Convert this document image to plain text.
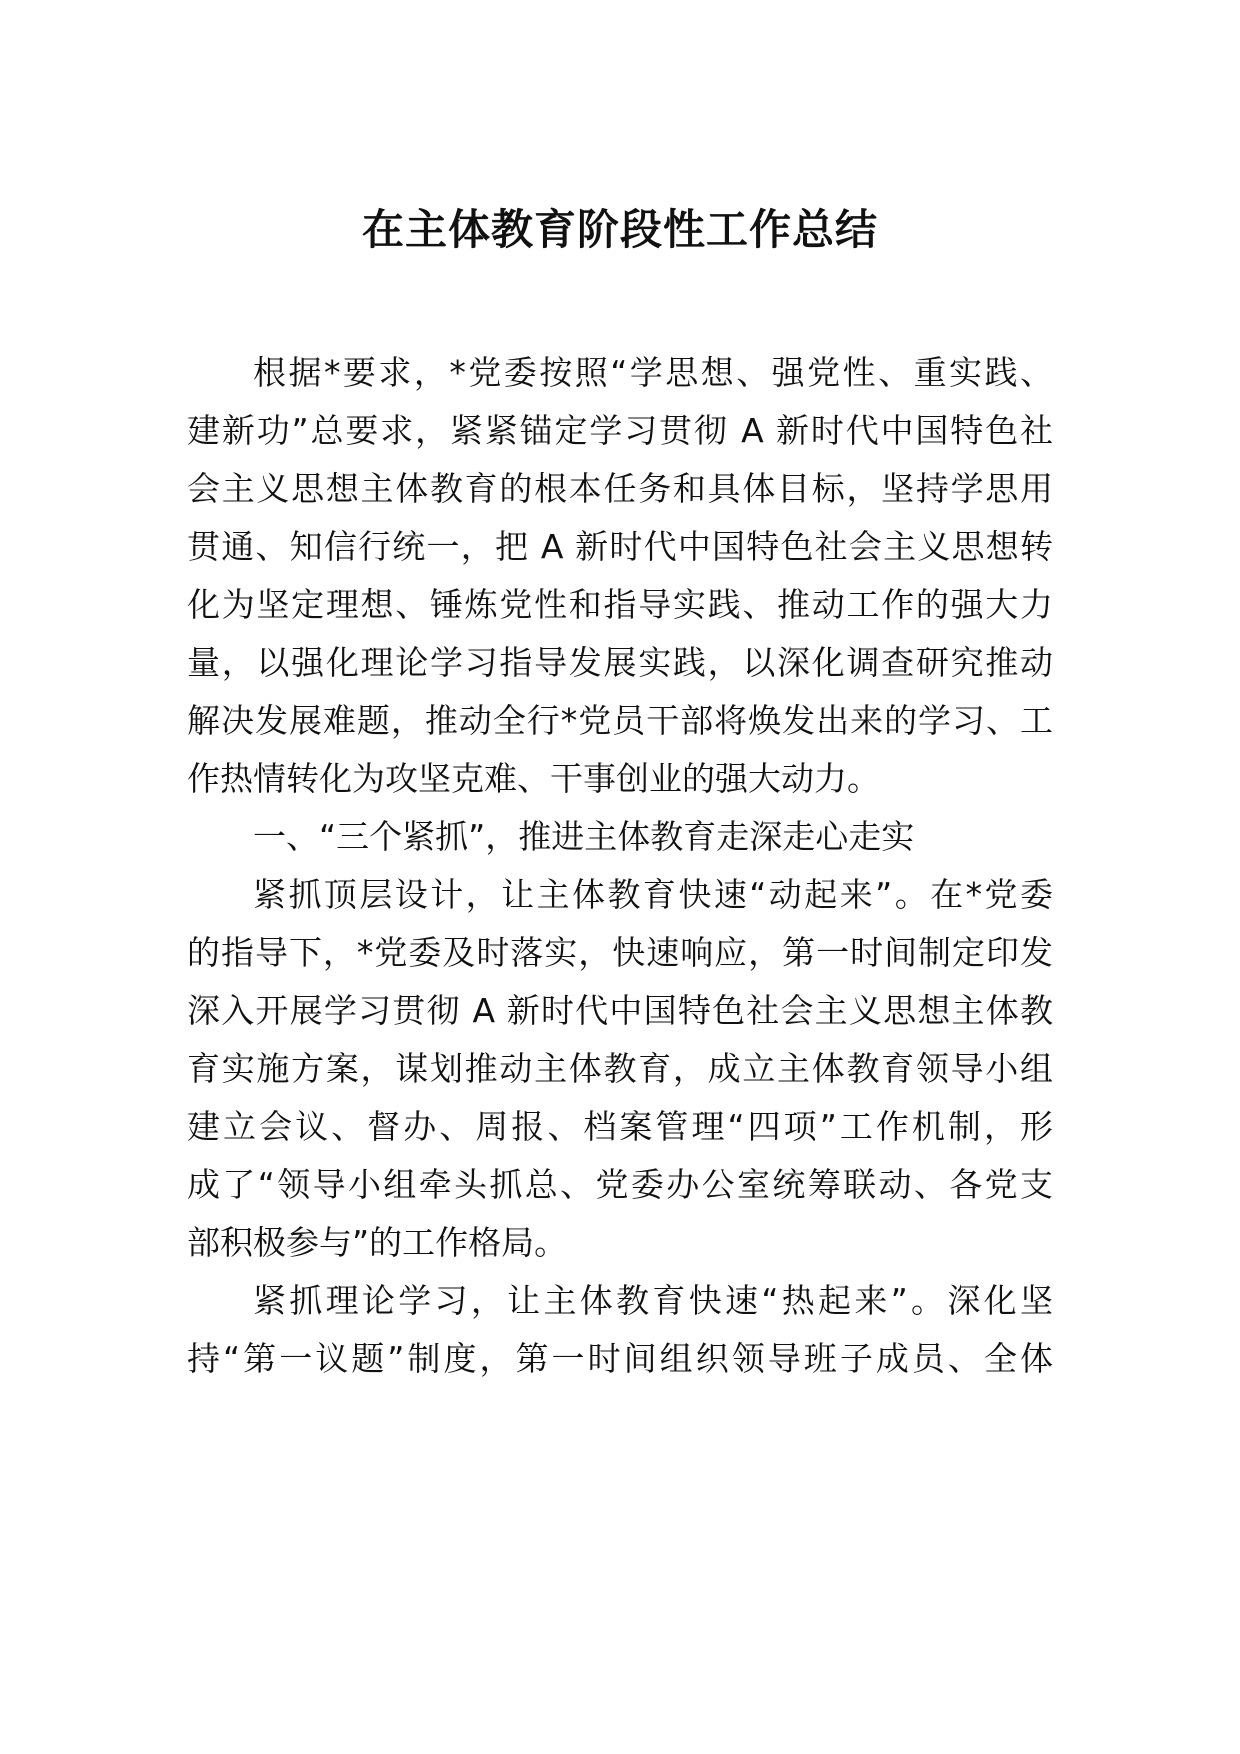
在主体教育阶段性工作总结
根据*要求，*党委按照“学思想、强党性、重实践、
建新功”总要求，紧紧锚定学习贯彻 A 新时代中国特色社
会主义思想主体教育的根本任务和具体目标，坚持学思用
贯通、知信行统一，把 A 新时代中国特色社会主义思想转
化为坚定理想、锤炼党性和指导实践、推动工作的强大力
量，以强化理论学习指导发展实践，以深化调查研究推动
解决发展难题，推动全行*党员干部将焕发出来的学习、工
作热情转化为攻坚克难、干事创业的强大动力。
一、“三个紧抓”，推进主体教育走深走心走实
紧抓顶层设计，让主体教育快速“动起来”。在*党委
的指导下，*党委及时落实，快速响应，第一时间制定印发
深入开展学习贯彻 A 新时代中国特色社会主义思想主体教
育实施方案，谋划推动主体教育，成立主体教育领导小组
建立会议、督办、周报、档案管理“四项”工作机制，形
成了“领导小组牵头抓总、党委办公室统筹联动、各党支
部积极参与”的工作格局。
紧抓理论学习，让主体教育快速“热起来”。深化坚
持“第一议题”制度，第一时间组织领导班子成员、全体
